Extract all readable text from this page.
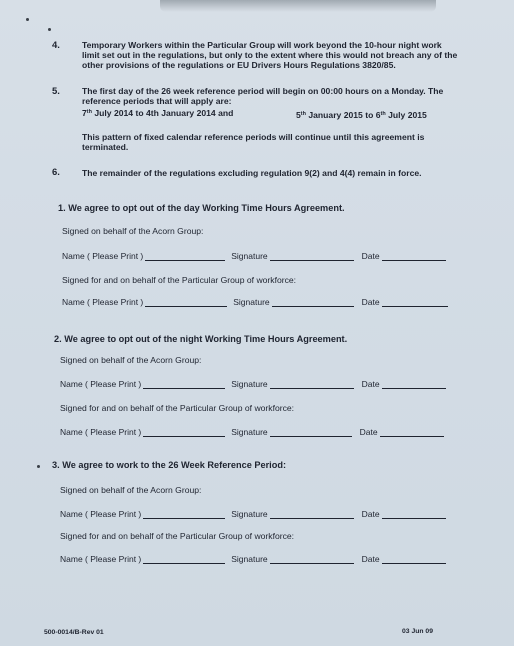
4.	Temporary Workers within the Particular Group will work beyond the 10-hour night work
limit set out in the regulations, but only to the extent where this would not breach any of the
other provisions of the regulations or EU Drivers Hours Regulations 3820/85.
5.	The first day of the 26 week reference period will begin on 00:00 hours on a Monday. The
reference periods that will apply are:
7th July 2014 to 4th January 2014 and	5th January 2015 to 6th July 2015
This pattern of fixed calendar reference periods will continue until this agreement is
terminated.
6.	The remainder of the regulations excluding regulation 9(2) and 4(4) remain in force.
1. We agree to opt out of the day Working Time Hours Agreement.
Signed on behalf of the Acorn Group:
Name ( Please Print )	Signature	Date
Signed for and on behalf of the Particular Group of workforce:
Name ( Please Print )	Signature	Date
2. We agree to opt out of the night Working Time Hours Agreement.
Signed on behalf of the Acorn Group:
Name ( Please Print )	Signature	Date
Signed for and on behalf of the Particular Group of workforce:
Name ( Please Print )	Signature	Date
3. We agree to work to the 26 Week Reference Period:
Signed on behalf of the Acorn Group:
Name ( Please Print )	Signature	Date
Signed for and on behalf of the Particular Group of workforce:
Name ( Please Print )	Signature	Date
500-0014/B-Rev 01	03 Jun 09
